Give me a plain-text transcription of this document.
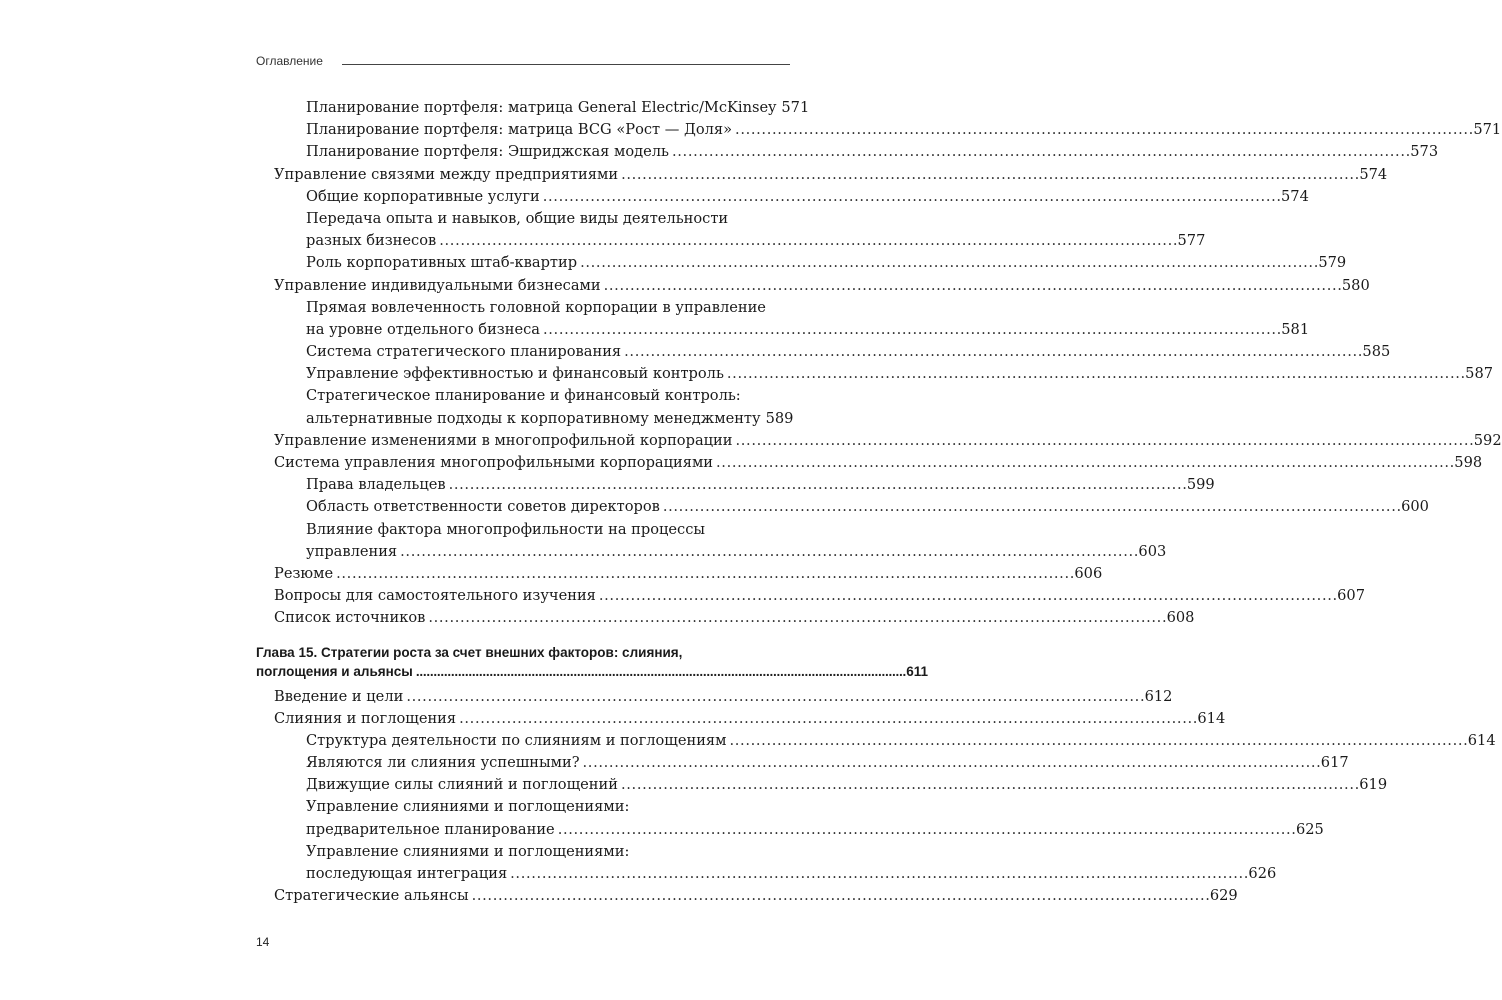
Оглавление
Планирование портфеля: матрица General Electric/McKinsey 571
Планирование портфеля: матрица BCG «Рост — Доля» . . .	571
Планирование портфеля: Эшриджская модель . . .	573
Управление связями между предприятиями . . .	574
Общие корпоративные услуги . . .	574
Передача опыта и навыков, общие виды деятельности
разных бизнесов . . .	577
Роль корпоративных штаб-квартир . . .	579
Управление индивидуальными бизнесами . . .	580
Прямая вовлеченность головной корпорации в управление
на уровне отдельного бизнеса . . .	581
Система стратегического планирования . . .	585
Управление эффективностью и финансовый контроль . . .	587
Стратегическое планирование и финансовый контроль:
альтернативные подходы к корпоративному менеджменту 589
Управление изменениями в многопрофильной корпорации . . .	592
Система управления многопрофильными корпорациями . . .	598
Права владельцев . . .	599
Область ответственности советов директоров . . .	600
Влияние фактора многопрофильности на процессы
управления . . .	603
Резюме . . .	606
Вопросы для самостоятельного изучения . . .	607
Список источников . . .	608
Глава 15. Стратегии роста за счет внешних факторов: слияния,
поглощения и альянсы . . .	611
Введение и цели . . .	612
Слияния и поглощения . . .	614
Структура деятельности по слияниям и поглощениям . . .	614
Являются ли слияния успешными? . . .	617
Движущие силы слияний и поглощений . . .	619
Управление слияниями и поглощениями:
предварительное планирование . . .	625
Управление слияниями и поглощениями:
последующая интеграция . . .	626
Стратегические альянсы . . .	629
14
